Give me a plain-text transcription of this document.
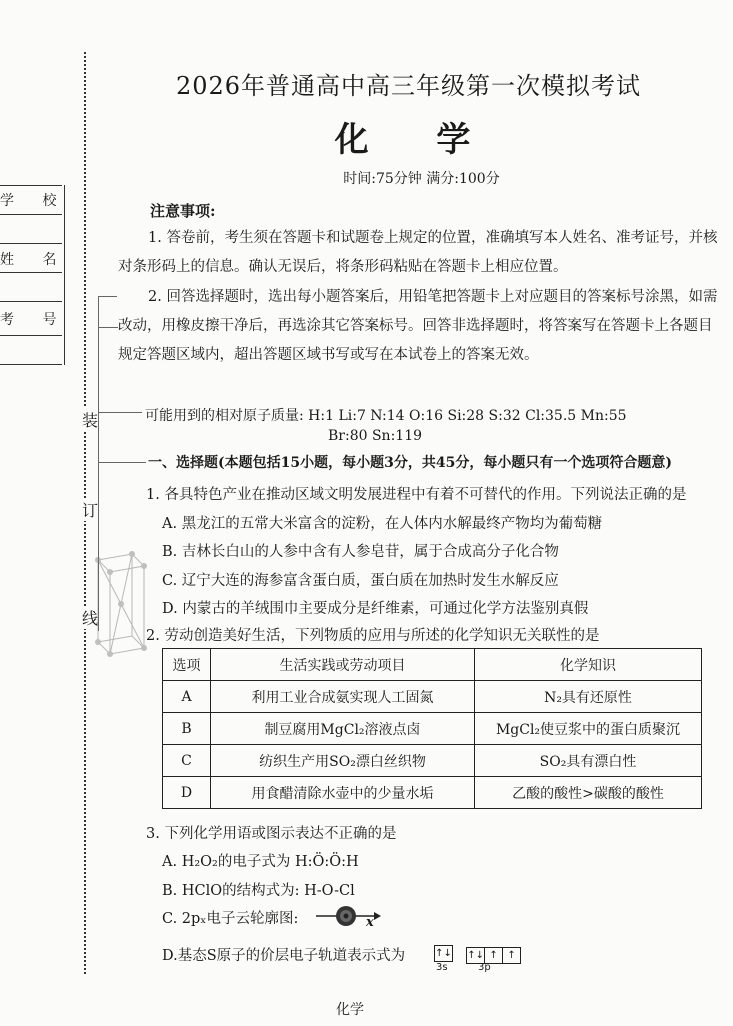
学 校
姓 名
考 号
装
订
线
2026年普通高中高三年级第一次模拟考试
化 学
时间:75分钟 满分:100分
注意事项:

1. 答卷前，考生须在答题卡和试题卷上规定的位置，准确填写本人姓名、准考证号，并核对条形码上的信息。确认无误后，将条形码粘贴在答题卡上相应位置。

2. 回答选择题时，选出每小题答案后，用铅笔把答题卡上对应题目的答案标号涂黑，如需改动，用橡皮擦干净后，再选涂其它答案标号。回答非选择题时，将答案写在答题卡上各题目规定答题区域内，超出答题区域书写或写在本试卷上的答案无效。

可能用到的相对原子质量: H:1 Li:7 N:14 O:16 Si:28 S:32 Cl:35.5 Mn:55
Br:80 Sn:119
一、选择题(本题包括15小题，每小题3分，共45分，每小题只有一个选项符合题意)
1. 各具特色产业在推动区域文明发展进程中有着不可替代的作用。下列说法正确的是
A. 黑龙江的五常大米富含的淀粉，在人体内水解最终产物均为葡萄糖
B. 吉林长白山的人参中含有人参皂苷，属于合成高分子化合物
C. 辽宁大连的海参富含蛋白质，蛋白质在加热时发生水解反应
D. 内蒙古的羊绒围巾主要成分是纤维素，可通过化学方法鉴别真假
2. 劳动创造美好生活，下列物质的应用与所述的化学知识无关联性的是
选项	生活实践或劳动项目	化学知识
A	利用工业合成氨实现人工固氮	N₂具有还原性
B	制豆腐用MgCl₂溶液点卤	MgCl₂使豆浆中的蛋白质聚沉
C	纺织生产用SO₂漂白丝织物	SO₂具有漂白性
D	用食醋清除水壶中的少量水垢	乙酸的酸性>碳酸的酸性
3. 下列化学用语或图示表达不正确的是
A. H₂O₂的电子式为 H:Ö:Ö:H
B. HClO的结构式为: H-O-Cl
C. 2pₓ电子云轮廓图:	x
D.基态S原子的价层电子轨道表示式为	↑↓ ↑↓ ↑ ↑
3s	3p
化学
